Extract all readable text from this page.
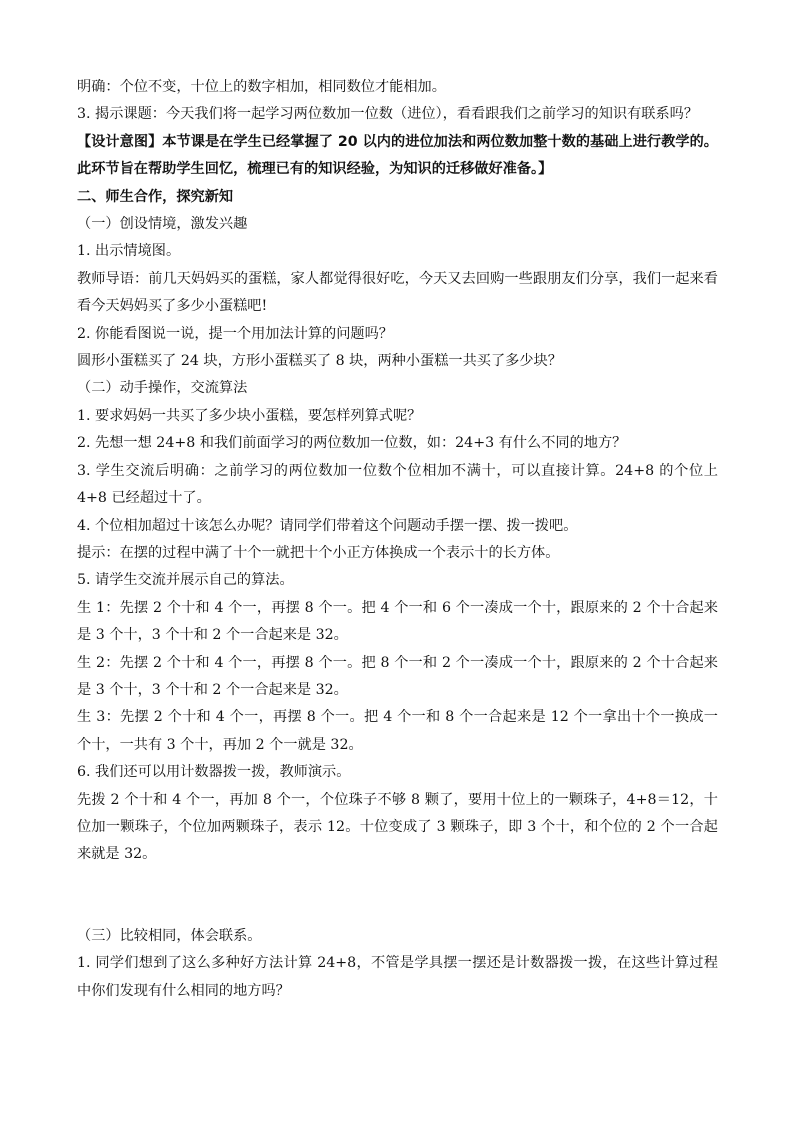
明确：个位不变，十位上的数字相加，相同数位才能相加。

3. 揭示课题：今天我们将一起学习两位数加一位数（进位），看看跟我们之前学习的知识有联系吗？

【设计意图】本节课是在学生已经掌握了 20 以内的进位加法和两位数加整十数的基础上进行教学的。此环节旨在帮助学生回忆，梳理已有的知识经验，为知识的迁移做好准备。】

二、师生合作，探究新知

（一）创设情境，激发兴趣

1. 出示情境图。

教师导语：前几天妈妈买的蛋糕，家人都觉得很好吃，今天又去回购一些跟朋友们分享，我们一起来看看今天妈妈买了多少小蛋糕吧!

2. 你能看图说一说，提一个用加法计算的问题吗？

圆形小蛋糕买了 24 块，方形小蛋糕买了 8 块，两种小蛋糕一共买了多少块？

（二）动手操作，交流算法

1. 要求妈妈一共买了多少块小蛋糕，要怎样列算式呢？

2. 先想一想 24+8 和我们前面学习的两位数加一位数，如：24+3 有什么不同的地方？

3. 学生交流后明确：之前学习的两位数加一位数个位相加不满十，可以直接计算。24+8 的个位上 4+8 已经超过十了。

4. 个位相加超过十该怎么办呢？请同学们带着这个问题动手摆一摆、拨一拨吧。

提示：在摆的过程中满了十个一就把十个小正方体换成一个表示十的长方体。

5. 请学生交流并展示自己的算法。

生 1：先摆 2 个十和 4 个一，再摆 8 个一。把 4 个一和 6 个一凑成一个十，跟原来的 2 个十合起来是 3 个十，3 个十和 2 个一合起来是 32。

生 2：先摆 2 个十和 4 个一，再摆 8 个一。把 8 个一和 2 个一凑成一个十，跟原来的 2 个十合起来是 3 个十，3 个十和 2 个一合起来是 32。

生 3：先摆 2 个十和 4 个一，再摆 8 个一。把 4 个一和 8 个一合起来是 12 个一拿出十个一换成一个十，一共有 3 个十，再加 2 个一就是 32。

6. 我们还可以用计数器拨一拨，教师演示。

先拨 2 个十和 4 个一，再加 8 个一，个位珠子不够 8 颗了，要用十位上的一颗珠子，4+8＝12，十位加一颗珠子，个位加两颗珠子，表示 12。十位变成了 3 颗珠子，即 3 个十，和个位的 2 个一合起来就是 32。

（三）比较相同，体会联系。

1. 同学们想到了这么多种好方法计算 24+8，不管是学具摆一摆还是计数器拨一拨，在这些计算过程中你们发现有什么相同的地方吗？
